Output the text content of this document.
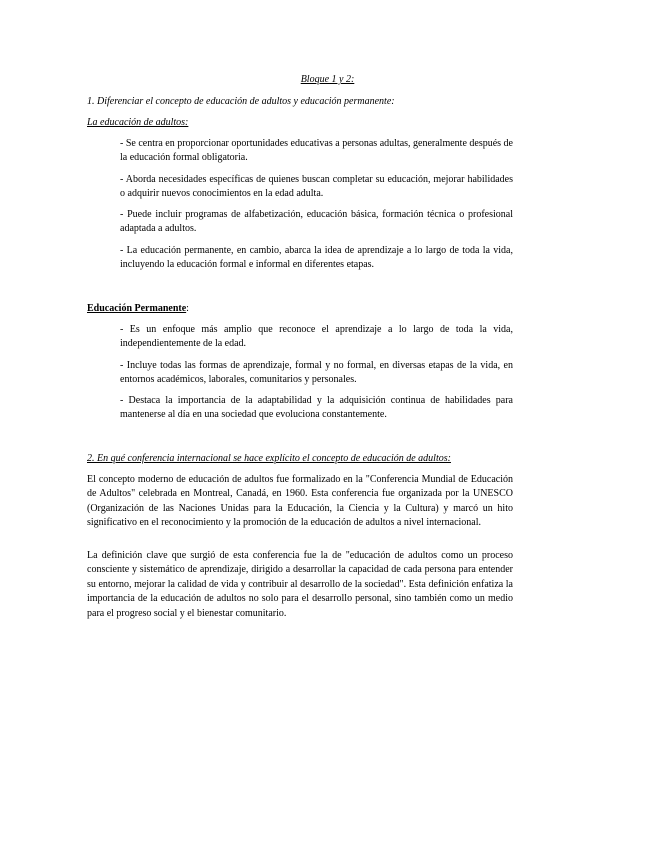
Bloque 1 y 2:
1. Diferenciar el concepto de educación de adultos y educación permanente:
La educación de adultos:
- Se centra en proporcionar oportunidades educativas a personas adultas, generalmente después de la educación formal obligatoria.
- Aborda necesidades específicas de quienes buscan completar su educación, mejorar habilidades o adquirir nuevos conocimientos en la edad adulta.
- Puede incluir programas de alfabetización, educación básica, formación técnica o profesional adaptada a adultos.
- La educación permanente, en cambio, abarca la idea de aprendizaje a lo largo de toda la vida, incluyendo la educación formal e informal en diferentes etapas.
Educación Permanente:
- Es un enfoque más amplio que reconoce el aprendizaje a lo largo de toda la vida, independientemente de la edad.
- Incluye todas las formas de aprendizaje, formal y no formal, en diversas etapas de la vida, en entornos académicos, laborales, comunitarios y personales.
- Destaca la importancia de la adaptabilidad y la adquisición continua de habilidades para mantenerse al día en una sociedad que evoluciona constantemente.
2. En qué conferencia internacional se hace explícito el concepto de educación de adultos:
El concepto moderno de educación de adultos fue formalizado en la "Conferencia Mundial de Educación de Adultos" celebrada en Montreal, Canadá, en 1960. Esta conferencia fue organizada por la UNESCO (Organización de las Naciones Unidas para la Educación, la Ciencia y la Cultura) y marcó un hito significativo en el reconocimiento y la promoción de la educación de adultos a nivel internacional.
La definición clave que surgió de esta conferencia fue la de "educación de adultos como un proceso consciente y sistemático de aprendizaje, dirigido a desarrollar la capacidad de cada persona para entender su entorno, mejorar la calidad de vida y contribuir al desarrollo de la sociedad". Esta definición enfatiza la importancia de la educación de adultos no solo para el desarrollo personal, sino también como un medio para el progreso social y el bienestar comunitario.
